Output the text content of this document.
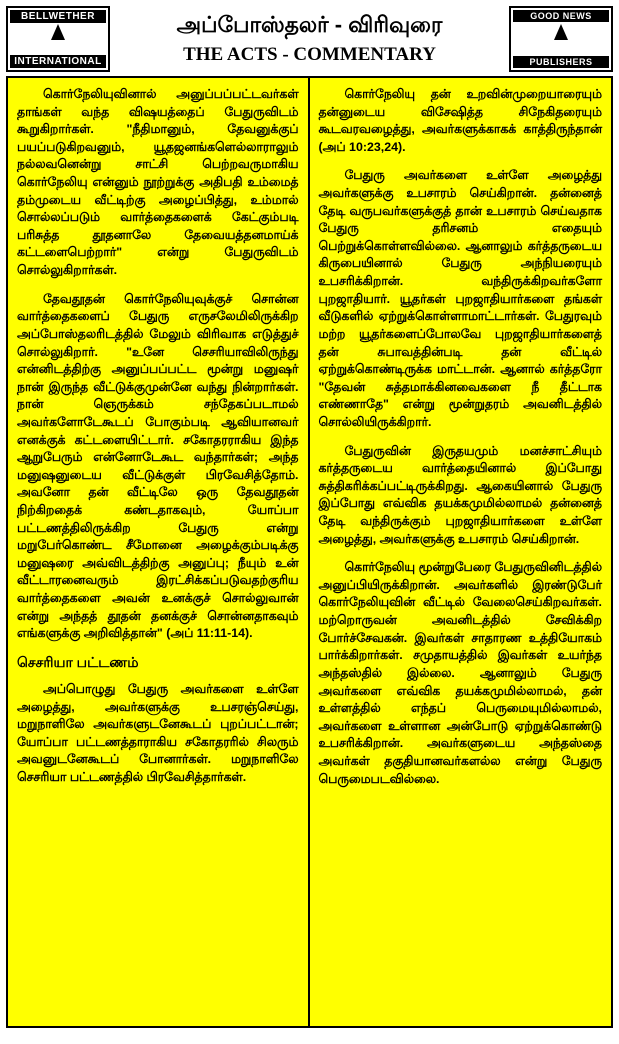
BELLWETHER
INTERNATIONAL
அப்போஸ்தலர் - விரிவுரை
THE ACTS - COMMENTARY
GOOD NEWS
PUBLISHERS

கொர்நேலியுவினால் அனுப்பப்பட்டவர்கள் தாங்கள் வந்த விஷயத்தைப் பேதுருவிடம் கூறுகிறார்கள். "நீதிமானும், தேவனுக்குப் பயப்படுகிறவனும், யூதஜனங்களெல்லாராலும் நல்லவனென்று சாட்சி பெற்றவருமாகிய கொர்நேலியு என்னும் நூற்றுக்கு அதிபதி உம்மைத் தம்முடைய வீட்டிற்கு அழைப்பித்து, உம்மால் சொல்லப்படும் வார்த்தைகளைக் கேட்கும்படி பரிசுத்த தூதனாலே தேவையத்தனமாய்க் கட்டளைபெற்றார்" என்று பேதுருவிடம் சொல்லுகிறார்கள்.

தேவதூதன் கொர்நேலியுவுக்குச் சொன்ன வார்த்தைகளைப் பேதுரு எருசலேமிலிருக்கிற அப்போஸ்தலரிடத்தில் மேலும் விரிவாக எடுத்துச் சொல்லுகிறார். "உனே செசரியாவிலிருந்து என்னிடத்திற்கு அனுப்பப்பட்ட மூன்று மனுஷர் நான் இருந்த வீட்டுக்குமுன்னே வந்து நின்றார்கள். நான் ஞெருக்கம் சந்தேகப்படாமல் அவர்களோடேகூடப் போகும்படி ஆவியானவர் எனக்குக் கட்டளையிட்டார். சகோதரராகிய இந்த ஆறுபேரும் என்னோடேகூட வந்தார்கள்; அந்த மனுஷனுடைய வீட்டுக்குள் பிரவேசித்தோம். அவனோ தன் வீட்டிலே ஒரு தேவதூதன் நிற்கிறதைக் கண்டதாகவும், யோப்பா பட்டணத்திலிருக்கிற பேதுரு என்று மறுபேர்கொண்ட சீமோனை அழைக்கும்படிக்கு மனுஷரை அவ்விடத்திற்கு அனுப்பு; நீயும் உன் வீட்டாரனைவரும் இரட்சிக்கப்படுவதற்குரிய வார்த்தைகளை அவன் உனக்குச் சொல்லுவான் என்று அந்தத் தூதன் தனக்குச் சொன்னதாகவும் எங்களுக்கு அறிவித்தான்" (அப் 11:11-14).

செசரியா பட்டணம்

அப்பொழுது பேதுரு அவர்களை உள்ளே அழைத்து, அவர்களுக்கு உபசரஞ்செய்து, மறுநாளிலே அவர்களுடனேகூடப் புறப்பட்டான்; யோப்பா பட்டணத்தாராகிய சகோதரரில் சிலரும் அவனுடனேகூடப் போனார்கள். மறுநாளிலே செசரியா பட்டணத்தில் பிரவேசித்தார்கள்.

கொர்நேலியு தன் உறவின்முறையாரையும் தன்னுடைய விசேஷித்த சிநேகிதரையும் கூடவரவழைத்து, அவர்களுக்காகக் காத்திருந்தான் (அப் 10:23,24).

பேதுரு அவர்களை உள்ளே அழைத்து அவர்களுக்கு உபசாரம் செய்கிறான். தன்னைத் தேடி வருபவர்களுக்குத் தான் உபசாரம் செய்வதாக பேதுரு தரிசனம் எதையும் பெற்றுக்கொள்ளவில்லை. ஆனாலும் கர்த்தருடைய கிருபையினால் பேதுரு அந்நியரையும் உபசரிக்கிறான். வந்திருக்கிறவர்களோ புறஜாதியார். யூதர்கள் புறஜாதியார்களை தங்கள் வீடுகளில் ஏற்றுக்கொள்ளாமாட்டார்கள். பேதுரவும் மற்ற யூதர்களைப்போலவே புறஜாதியார்களைத் தன் சுபாவத்தின்படி தன் வீட்டில் ஏற்றுக்கொண்டிருக்க மாட்டான். ஆனால் கர்த்தரோ "தேவன் சுத்தமாக்கினவைகளை நீ தீட்டாக எண்ணாதே" என்று மூன்றுதரம் அவனிடத்தில் சொல்லியிருக்கிறார்.

பேதுருவின் இருதயமும் மனச்சாட்சியும் கர்த்தருடைய வார்த்தையினால் இப்போது சுத்திகரிக்கப்பட்டிருக்கிறது. ஆகையினால் பேதுரு இப்போது எவ்விக தயக்கமுமில்லாமல் தன்னைத் தேடி வந்திருக்கும் புறஜாதியார்களை உள்ளே அழைத்து, அவர்களுக்கு உபசாரம் செய்கிறான்.

கொர்நேலியு மூன்றுபேரை பேதுருவினிடத்தில் அனுப்பியிருக்கிறான். அவர்களில் இரண்டுபேர் கொர்நேலியுவின் வீட்டில் வேலைசெய்கிறவர்கள். மற்றொருவன் அவனிடத்தில் சேவிக்கிற போர்ச்சேவகன். இவர்கள் சாதாரண உத்தியோகம் பார்க்கிறார்கள். சமுதாயத்தில் இவர்கள் உயர்ந்த அந்தஸ்தில் இல்லை. ஆனாலும் பேதுரு அவர்களை எவ்விக தயக்கமுமில்லாமல், தன் உள்ளத்தில் எந்தப் பெருமையுமில்லாமல், அவர்களை உள்ளான அன்போடு ஏற்றுக்கொண்டு உபசரிக்கிறான். அவர்களுடைய அந்தஸ்தை அவர்கள் தகுதியானவர்களல்ல என்று பேதுரு பெருமைபடவில்லை.
